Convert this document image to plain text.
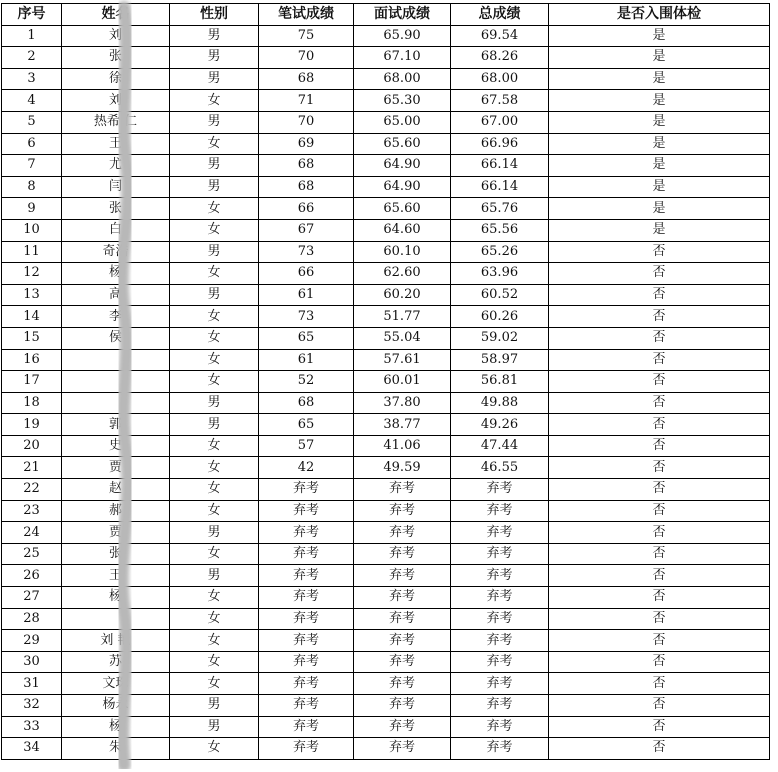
序号	姓名	性别	笔试成绩	面试成绩	总成绩	是否入围体检
1	刘	男	75	65.90	69.54	是
2	张	男	70	67.10	68.26	是
3	徐	男	68	68.00	68.00	是
4	刘	女	71	65.30	67.58	是
5	热希 仁	男	70	65.00	67.00	是
6	王	女	69	65.60	66.96	是
7	尤	男	68	64.90	66.14	是
8	闫	男	68	64.90	66.14	是
9	张	女	66	65.60	65.76	是
10	白	女	67	64.60	65.56	是
11	奇浩	男	73	60.10	65.26	否
12	杨	女	66	62.60	63.96	否
13	高	男	61	60.20	60.52	否
14	李	女	73	51.77	60.26	否
15	侯	女	65	55.04	59.02	否
16		女	61	57.61	58.97	否
17		女	52	60.01	56.81	否
18		男	68	37.80	49.88	否
19	郭	男	65	38.77	49.26	否
20	史	女	57	41.06	47.44	否
21	贾	女	42	49.59	46.55	否
22	赵	女	弃考	弃考	弃考	否
23	郝	女	弃考	弃考	弃考	否
24	贾	男	弃考	弃考	弃考	否
25	张	女	弃考	弃考	弃考	否
26	王	男	弃考	弃考	弃考	否
27	杨	女	弃考	弃考	弃考	否
28		女	弃考	弃考	弃考	否
29	刘 艳	女	弃考	弃考	弃考	否
30	苏	女	弃考	弃考	弃考	否
31	文珠	女	弃考	弃考	弃考	否
32	杨永	男	弃考	弃考	弃考	否
33	杨	男	弃考	弃考	弃考	否
34	朱	女	弃考	弃考	弃考	否
